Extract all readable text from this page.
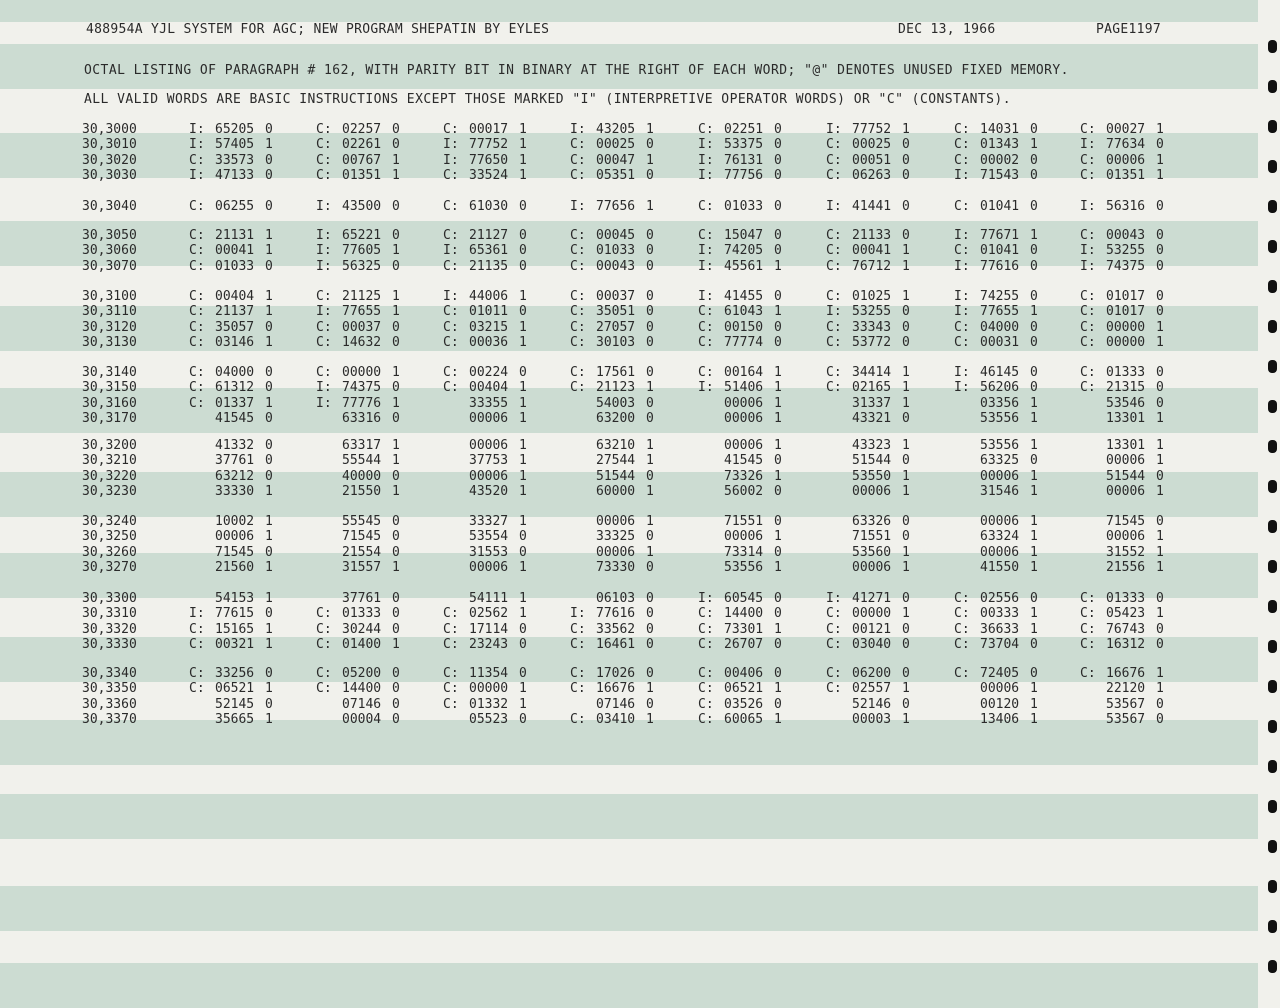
488954A YJL SYSTEM FOR AGC; NEW PROGRAM SHEPATIN BY EYLES	DEC 13, 1966	PAGE1197
OCTAL LISTING OF PARAGRAPH # 162, WITH PARITY BIT IN BINARY AT THE RIGHT OF EACH WORD; "@" DENOTES UNUSED FIXED MEMORY.
ALL VALID WORDS ARE BASIC INSTRUCTIONS EXCEPT THOSE MARKED "I" (INTERPRETIVE OPERATOR WORDS) OR "C" (CONSTANTS).
30,3000	I: 65205 0	C: 02257 0	C: 00017 1	I: 43205 1	C: 02251 0	I: 77752 1	C: 14031 0	C: 00027 1
30,3010	I: 57405 1	C: 02261 0	I: 77752 1	C: 00025 0	I: 53375 0	C: 00025 0	C: 01343 1	I: 77634 0
30,3020	C: 33573 0	C: 00767 1	I: 77650 1	C: 00047 1	I: 76131 0	C: 00051 0	C: 00002 0	C: 00006 1
30,3030	I: 47133 0	C: 01351 1	C: 33524 1	C: 05351 0	I: 77756 0	C: 06263 0	I: 71543 0	C: 01351 1
30,3040	C: 06255 0	I: 43500 0	C: 61030 0	I: 77656 1	C: 01033 0	I: 41441 0	C: 01041 0	I: 56316 0
30,3050	C: 21131 1	I: 65221 0	C: 21127 0	C: 00045 0	C: 15047 0	C: 21133 0	I: 77671 1	C: 00043 0
30,3060	C: 00041 1	I: 77605 1	I: 65361 0	C: 01033 0	I: 74205 0	C: 00041 1	C: 01041 0	I: 53255 0
30,3070	C: 01033 0	I: 56325 0	C: 21135 0	C: 00043 0	I: 45561 1	C: 76712 1	I: 77616 0	I: 74375 0
30,3100	C: 00404 1	C: 21125 1	I: 44006 1	C: 00037 0	I: 41455 0	C: 01025 1	I: 74255 0	C: 01017 0
30,3110	C: 21137 1	I: 77655 1	C: 01011 0	C: 35051 0	C: 61043 1	I: 53255 0	I: 77655 1	C: 01017 0
30,3120	C: 35057 0	C: 00037 0	C: 03215 1	C: 27057 0	C: 00150 0	C: 33343 0	C: 04000 0	C: 00000 1
30,3130	C: 03146 1	C: 14632 0	C: 00036 1	C: 30103 0	C: 77774 0	C: 53772 0	C: 00031 0	C: 00000 1
30,3140	C: 04000 0	C: 00000 1	C: 00224 0	C: 17561 0	C: 00164 1	C: 34414 1	I: 46145 0	C: 01333 0
30,3150	C: 61312 0	I: 74375 0	C: 00404 1	C: 21123 1	I: 51406 1	C: 02165 1	I: 56206 0	C: 21315 0
30,3160	C: 01337 1	I: 77776 1	33355 1	54003 0	00006 1	31337 1	03356 1	53546 0
30,3170	41545 0	63316 0	00006 1	63200 0	00006 1	43321 0	53556 1	13301 1
30,3200	41332 0	63317 1	00006 1	63210 1	00006 1	43323 1	53556 1	13301 1
30,3210	37761 0	55544 1	37753 1	27544 1	41545 0	51544 0	63325 0	00006 1
30,3220	63212 0	40000 0	00006 1	51544 0	73326 1	53550 1	00006 1	51544 0
30,3230	33330 1	21550 1	43520 1	60000 1	56002 0	00006 1	31546 1	00006 1
30,3240	10002 1	55545 0	33327 1	00006 1	71551 0	63326 0	00006 1	71545 0
30,3250	00006 1	71545 0	53554 0	33325 0	00006 1	71551 0	63324 1	00006 1
30,3260	71545 0	21554 0	31553 0	00006 1	73314 0	53560 1	00006 1	31552 1
30,3270	21560 1	31557 1	00006 1	73330 0	53556 1	00006 1	41550 1	21556 1
30,3300	54153 1	37761 0	54111 1	06103 0	I: 60545 0	I: 41271 0	C: 02556 0	C: 01333 0
30,3310	I: 77615 0	C: 01333 0	C: 02562 1	I: 77616 0	C: 14400 0	C: 00000 1	C: 00333 1	C: 05423 1
30,3320	C: 15165 1	C: 30244 0	C: 17114 0	C: 33562 0	C: 73301 1	C: 00121 0	C: 36633 1	C: 76743 0
30,3330	C: 00321 1	C: 01400 1	C: 23243 0	C: 16461 0	C: 26707 0	C: 03040 0	C: 73704 0	C: 16312 0
30,3340	C: 33256 0	C: 05200 0	C: 11354 0	C: 17026 0	C: 00406 0	C: 06200 0	C: 72405 0	C: 16676 1
30,3350	C: 06521 1	C: 14400 0	C: 00000 1	C: 16676 1	C: 06521 1	C: 02557 1	00006 1	22120 1
30,3360	52145 0	07146 0	C: 01332 1	07146 0	C: 03526 0	52146 0	00120 1	53567 0
30,3370	35665 1	00004 0	05523 0	C: 03410 1	C: 60065 1	00003 1	13406 1	53567 0
